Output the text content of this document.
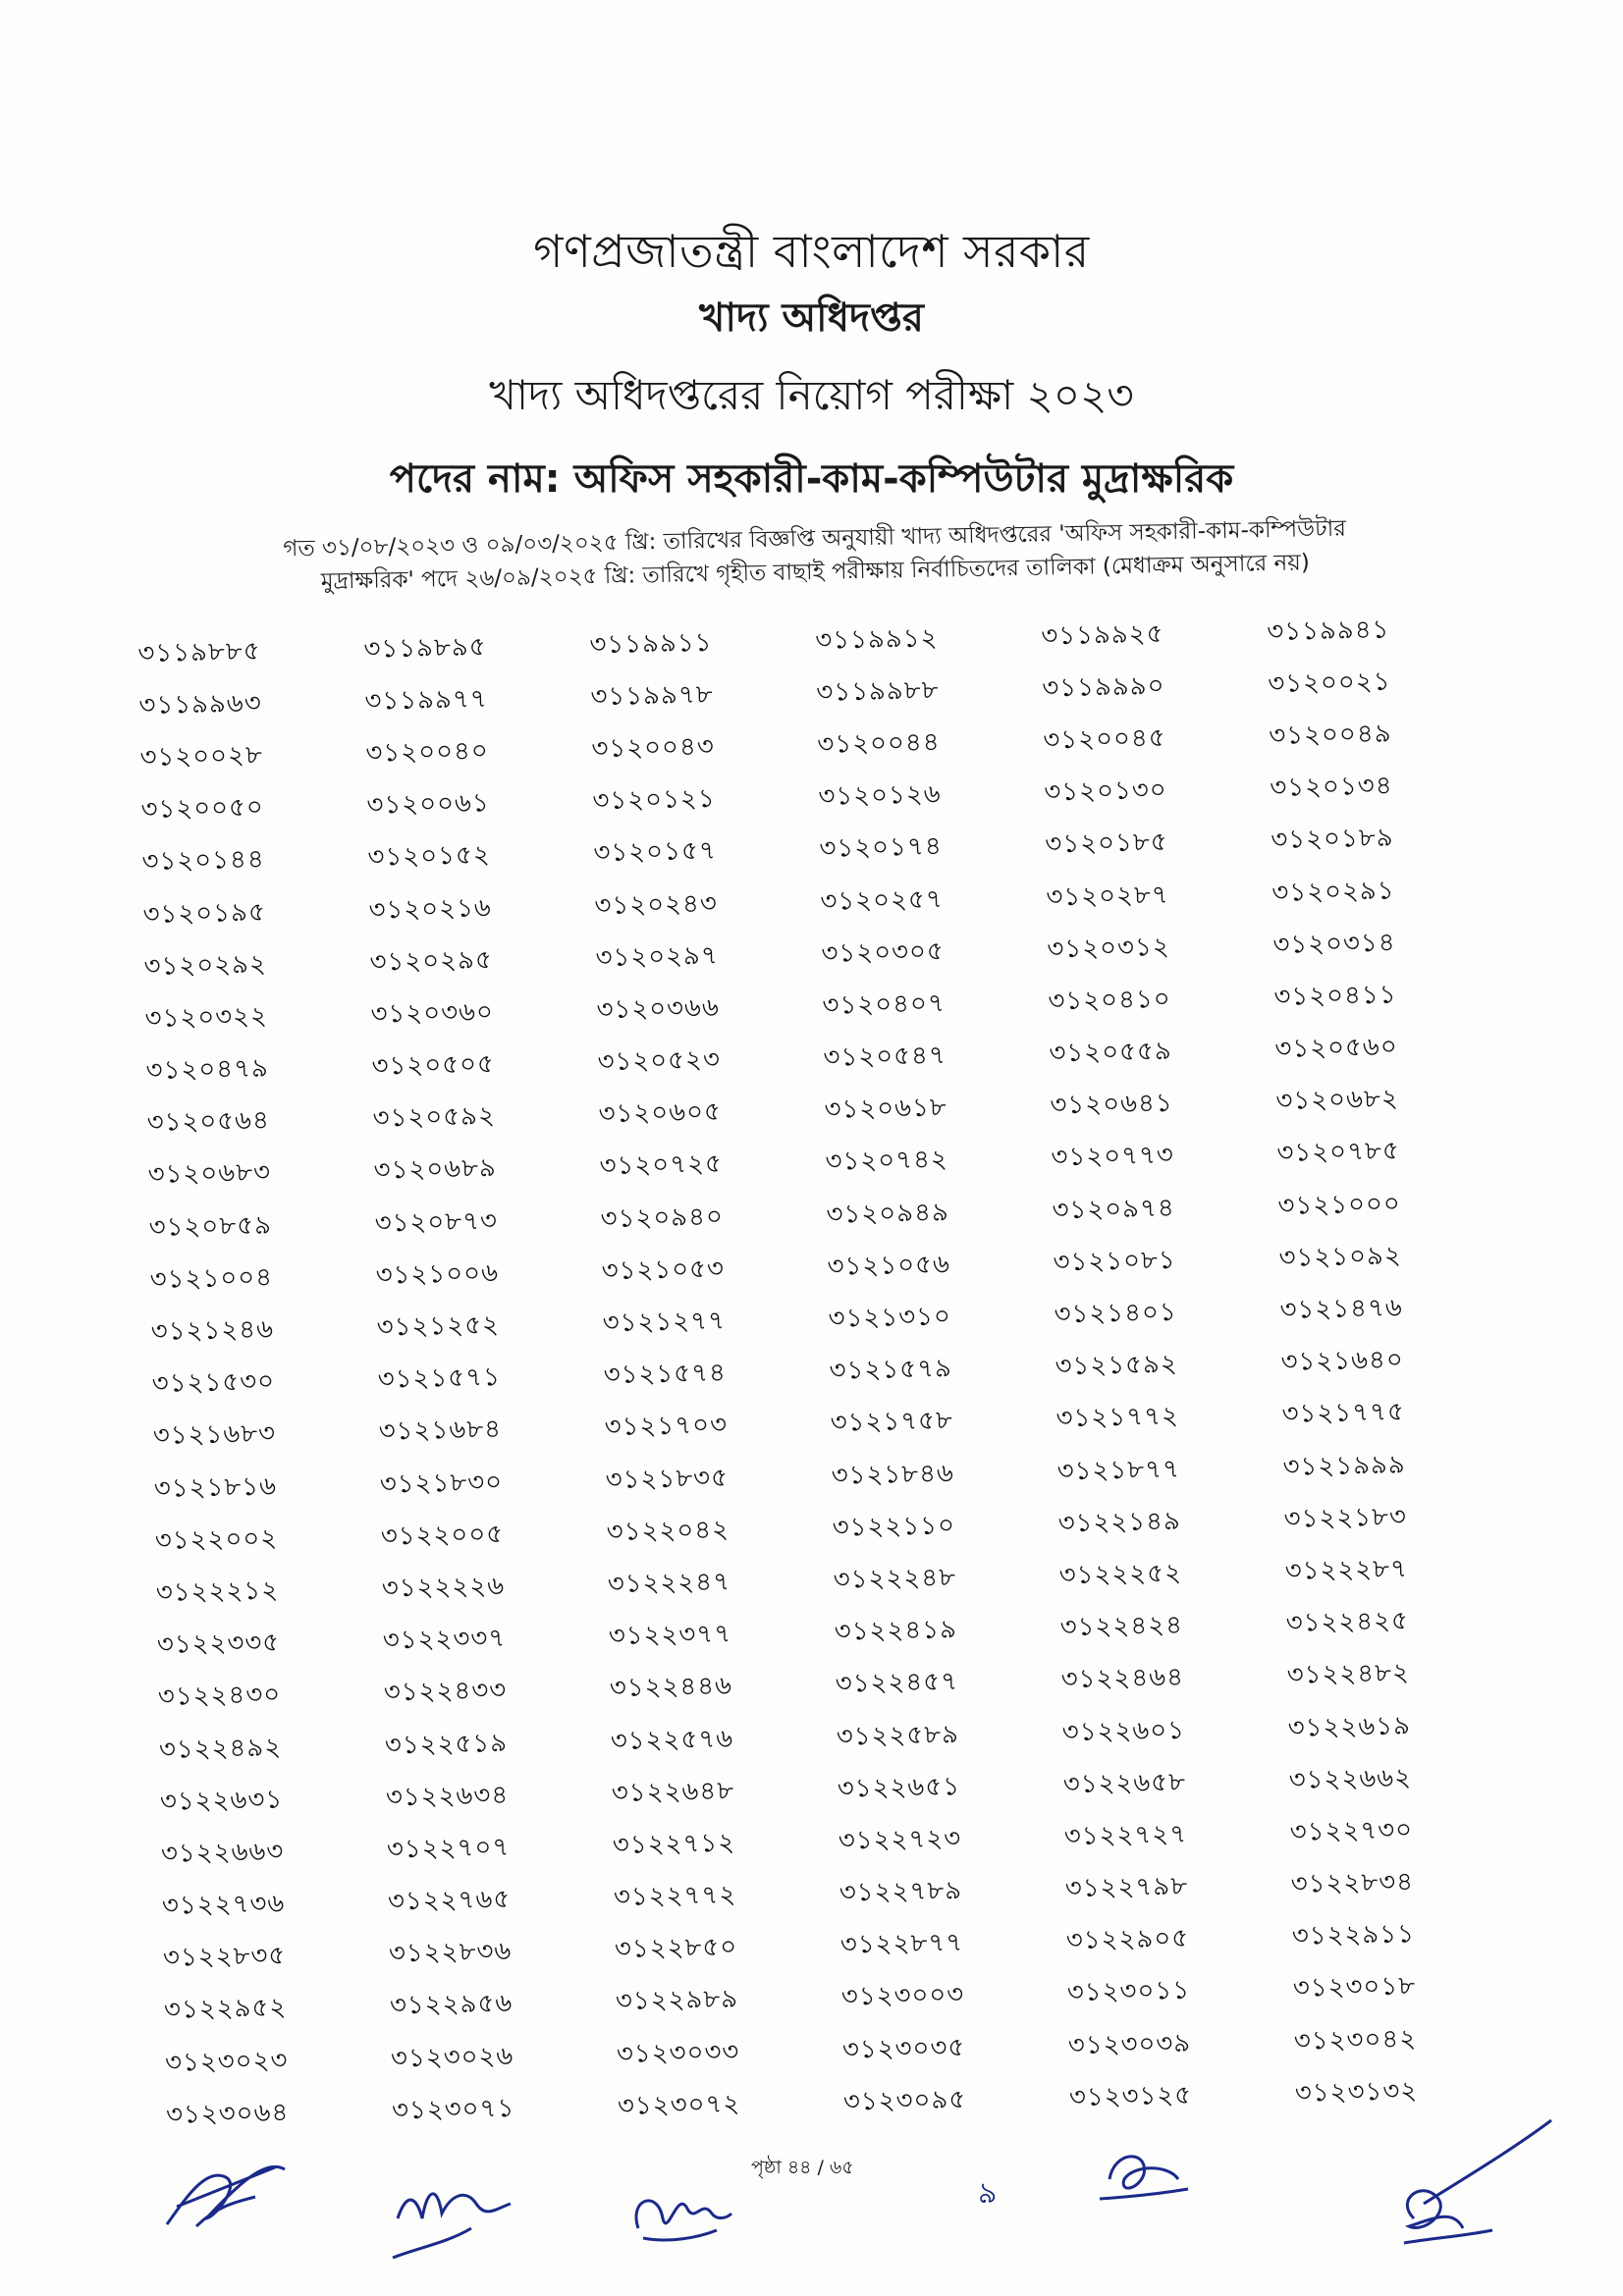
গণপ্রজাতন্ত্রী বাংলাদেশ সরকার
খাদ্য অধিদপ্তর
খাদ্য অধিদপ্তরের নিয়োগ পরীক্ষা ২০২৩
পদের নাম: অফিস সহকারী-কাম-কম্পিউটার মুদ্রাক্ষরিক
গত ৩১/০৮/২০২৩ ও ০৯/০৩/২০২৫ খ্রি: তারিখের বিজ্ঞপ্তি অনুযায়ী খাদ্য অধিদপ্তরের 'অফিস সহকারী-কাম-কম্পিউটার
মুদ্রাক্ষরিক' পদে ২৬/০৯/২০২৫ খ্রি: তারিখে গৃহীত বাছাই পরীক্ষায় নির্বাচিতদের তালিকা (মেধাক্রম অনুসারে নয়)
৩১১৯৮৮৫	৩১১৯৮৯৫	৩১১৯৯১১	৩১১৯৯১২	৩১১৯৯২৫	৩১১৯৯৪১
৩১১৯৯৬৩	৩১১৯৯৭৭	৩১১৯৯৭৮	৩১১৯৯৮৮	৩১১৯৯৯০	৩১২০০২১
৩১২০০২৮	৩১২০০৪০	৩১২০০৪৩	৩১২০০৪৪	৩১২০০৪৫	৩১২০০৪৯
৩১২০০৫০	৩১২০০৬১	৩১২০১২১	৩১২০১২৬	৩১২০১৩০	৩১২০১৩৪
৩১২০১৪৪	৩১২০১৫২	৩১২০১৫৭	৩১২০১৭৪	৩১২০১৮৫	৩১২০১৮৯
৩১২০১৯৫	৩১২০২১৬	৩১২০২৪৩	৩১২০২৫৭	৩১২০২৮৭	৩১২০২৯১
৩১২০২৯২	৩১২০২৯৫	৩১২০২৯৭	৩১২০৩০৫	৩১২০৩১২	৩১২০৩১৪
৩১২০৩২২	৩১২০৩৬০	৩১২০৩৬৬	৩১২০৪০৭	৩১২০৪১০	৩১২০৪১১
৩১২০৪৭৯	৩১২০৫০৫	৩১২০৫২৩	৩১২০৫৪৭	৩১২০৫৫৯	৩১২০৫৬০
৩১২০৫৬৪	৩১২০৫৯২	৩১২০৬০৫	৩১২০৬১৮	৩১২০৬৪১	৩১২০৬৮২
৩১২০৬৮৩	৩১২০৬৮৯	৩১২০৭২৫	৩১২০৭৪২	৩১২০৭৭৩	৩১২০৭৮৫
৩১২০৮৫৯	৩১২০৮৭৩	৩১২০৯৪০	৩১২০৯৪৯	৩১২০৯৭৪	৩১২১০০০
৩১২১০০৪	৩১২১০০৬	৩১২১০৫৩	৩১২১০৫৬	৩১২১০৮১	৩১২১০৯২
৩১২১২৪৬	৩১২১২৫২	৩১২১২৭৭	৩১২১৩১০	৩১২১৪০১	৩১২১৪৭৬
৩১২১৫৩০	৩১২১৫৭১	৩১২১৫৭৪	৩১২১৫৭৯	৩১২১৫৯২	৩১২১৬৪০
৩১২১৬৮৩	৩১২১৬৮৪	৩১২১৭০৩	৩১২১৭৫৮	৩১২১৭৭২	৩১২১৭৭৫
৩১২১৮১৬	৩১২১৮৩০	৩১২১৮৩৫	৩১২১৮৪৬	৩১২১৮৭৭	৩১২১৯৯৯
৩১২২০০২	৩১২২০০৫	৩১২২০৪২	৩১২২১১০	৩১২২১৪৯	৩১২২১৮৩
৩১২২২১২	৩১২২২২৬	৩১২২২৪৭	৩১২২২৪৮	৩১২২২৫২	৩১২২২৮৭
৩১২২৩৩৫	৩১২২৩৩৭	৩১২২৩৭৭	৩১২২৪১৯	৩১২২৪২৪	৩১২২৪২৫
৩১২২৪৩০	৩১২২৪৩৩	৩১২২৪৪৬	৩১২২৪৫৭	৩১২২৪৬৪	৩১২২৪৮২
৩১২২৪৯২	৩১২২৫১৯	৩১২২৫৭৬	৩১২২৫৮৯	৩১২২৬০১	৩১২২৬১৯
৩১২২৬৩১	৩১২২৬৩৪	৩১২২৬৪৮	৩১২২৬৫১	৩১২২৬৫৮	৩১২২৬৬২
৩১২২৬৬৩	৩১২২৭০৭	৩১২২৭১২	৩১২২৭২৩	৩১২২৭২৭	৩১২২৭৩০
৩১২২৭৩৬	৩১২২৭৬৫	৩১২২৭৭২	৩১২২৭৮৯	৩১২২৭৯৮	৩১২২৮৩৪
৩১২২৮৩৫	৩১২২৮৩৬	৩১২২৮৫০	৩১২২৮৭৭	৩১২২৯০৫	৩১২২৯১১
৩১২২৯৫২	৩১২২৯৫৬	৩১২২৯৮৯	৩১২৩০০৩	৩১২৩০১১	৩১২৩০১৮
৩১২৩০২৩	৩১২৩০২৬	৩১২৩০৩৩	৩১২৩০৩৫	৩১২৩০৩৯	৩১২৩০৪২
৩১২৩০৬৪	৩১২৩০৭১	৩১২৩০৭২	৩১২৩০৯৫	৩১২৩১২৫	৩১২৩১৩২
পৃষ্ঠা ৪৪ / ৬৫
৯
